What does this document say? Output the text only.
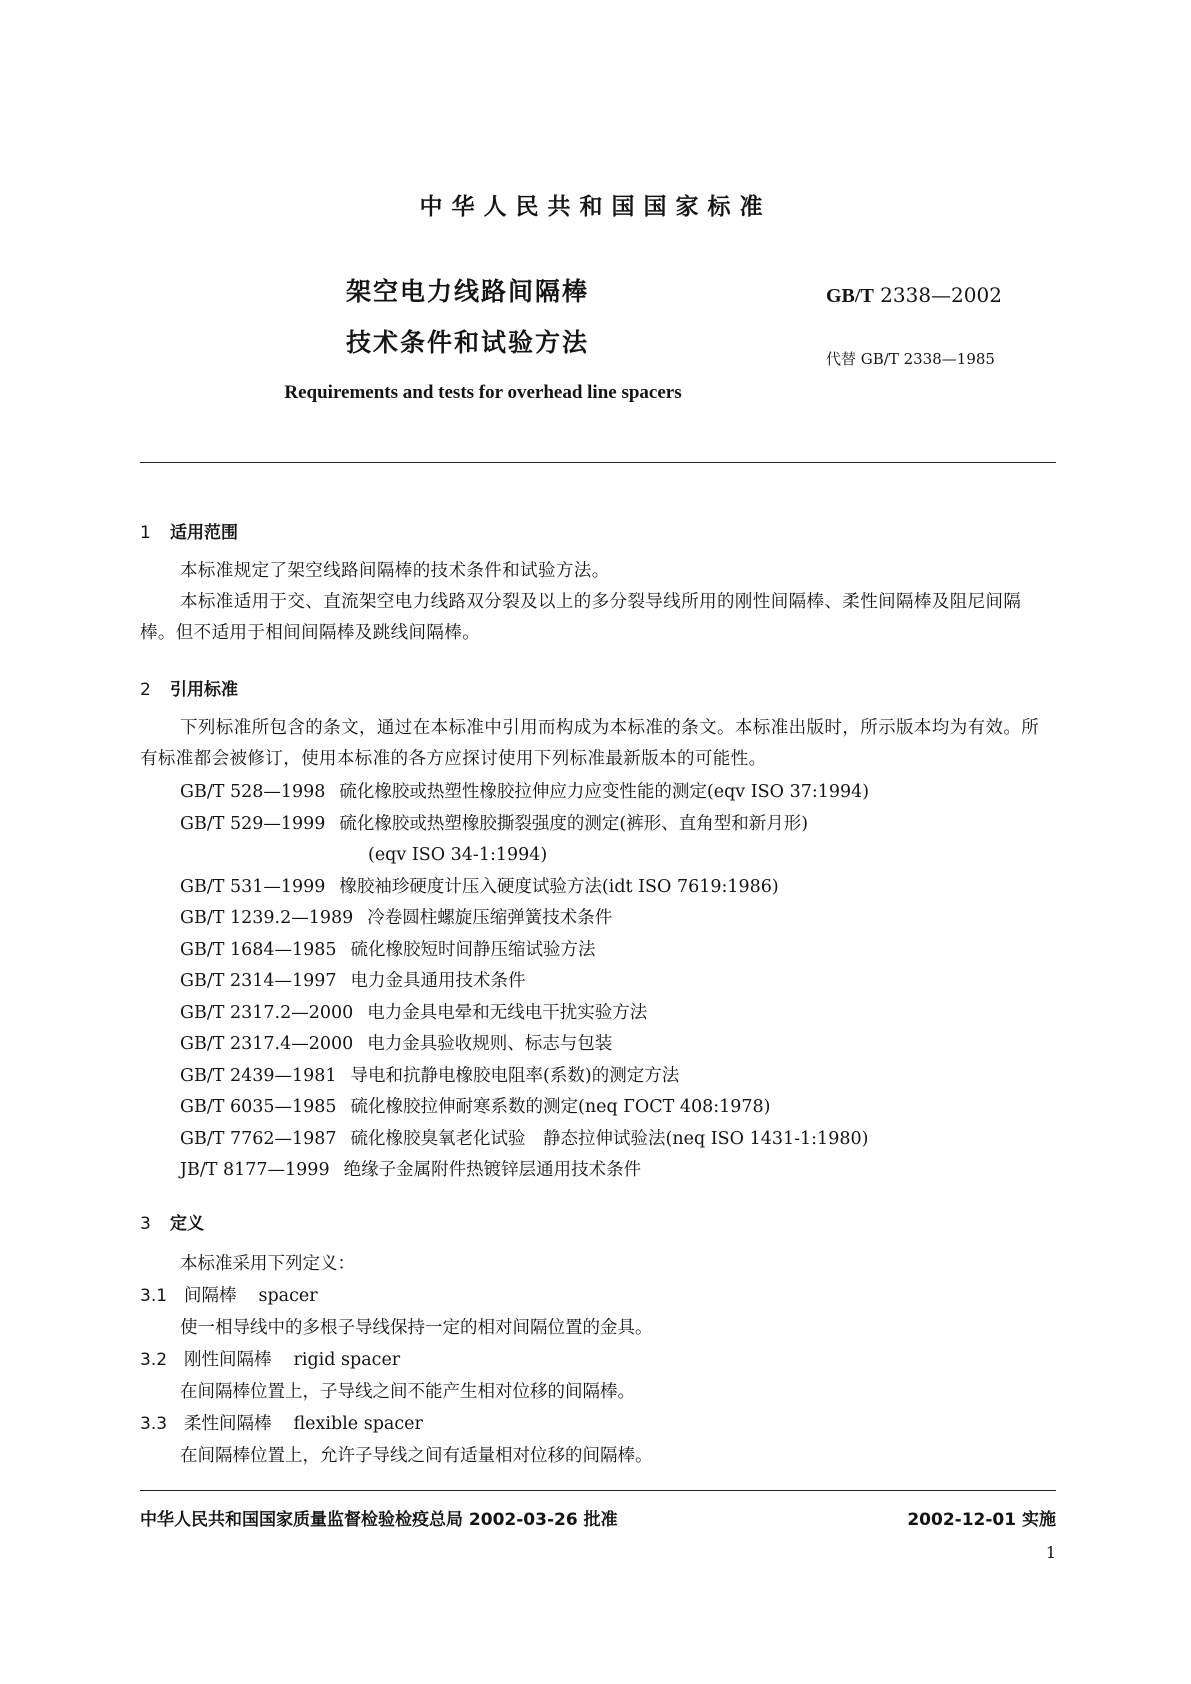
中华人民共和国国家标准
架空电力线路间隔棒
技术条件和试验方法
GB/T 2338—2002
代替 GB/T 2338—1985
Requirements and tests for overhead line spacers
1 适用范围
本标准规定了架空线路间隔棒的技术条件和试验方法。
本标准适用于交、直流架空电力线路双分裂及以上的多分裂导线所用的刚性间隔棒、柔性间隔棒及阻尼间隔棒。但不适用于相间间隔棒及跳线间隔棒。
2 引用标准
下列标准所包含的条文，通过在本标准中引用而构成为本标准的条文。本标准出版时，所示版本均为有效。所有标准都会被修订，使用本标准的各方应探讨使用下列标准最新版本的可能性。
GB/T 528—1998 硫化橡胶或热塑性橡胶拉伸应力应变性能的测定(eqv ISO 37:1994)
GB/T 529—1999 硫化橡胶或热塑橡胶撕裂强度的测定(裤形、直角型和新月形)
(eqv ISO 34-1:1994)
GB/T 531—1999 橡胶袖珍硬度计压入硬度试验方法(idt ISO 7619:1986)
GB/T 1239.2—1989 冷卷圆柱螺旋压缩弹簧技术条件
GB/T 1684—1985 硫化橡胶短时间静压缩试验方法
GB/T 2314—1997 电力金具通用技术条件
GB/T 2317.2—2000 电力金具电晕和无线电干扰实验方法
GB/T 2317.4—2000 电力金具验收规则、标志与包装
GB/T 2439—1981 导电和抗静电橡胶电阻率(系数)的测定方法
GB/T 6035—1985 硫化橡胶拉伸耐寒系数的测定(neq ГОСТ 408:1978)
GB/T 7762—1987 硫化橡胶臭氧老化试验　静态拉伸试验法(neq ISO 1431-1:1980)
JB/T 8177—1999 绝缘子金属附件热镀锌层通用技术条件
3 定义
本标准采用下列定义：
3.1 间隔棒 spacer
使一相导线中的多根子导线保持一定的相对间隔位置的金具。
3.2 刚性间隔棒 rigid spacer
在间隔棒位置上，子导线之间不能产生相对位移的间隔棒。
3.3 柔性间隔棒 flexible spacer
在间隔棒位置上，允许子导线之间有适量相对位移的间隔棒。
中华人民共和国国家质量监督检验检疫总局 2002-03-26 批准	2002-12-01 实施
1
